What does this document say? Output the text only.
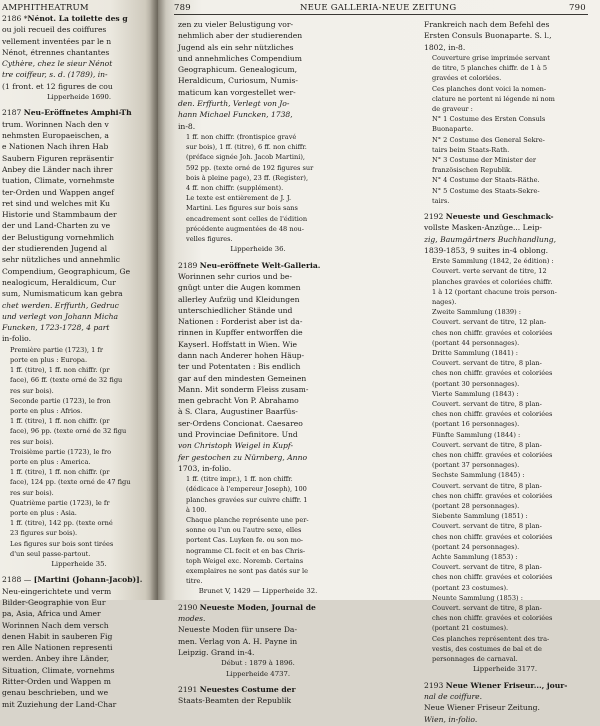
AMPHITHEATRUM

2186 *Nénot. La toilette des g

ou joli recueil des coiffures

vellement inventées par le n

Nénot, étrennes chantantes

Cythère, chez le sieur Nénot

tre coiffeur, s. d. (1789), in-

(1 front. et 12 figures de cou

Lipperheide 1690.

2187 Neu-Eröffnetes Amphi-Th

trum. Worinnen Nach den v

nehmsten Europaeischen, a

e Nationen Nach ihren Hab

Saubern Figuren repräsentir

Anbey die Länder nach ihrer

tuation, Climate, vornehmste

ter-Orden und Wappen angef

ret sind und welches mit Ku

Historie und Stammbaum der

der und Land-Charten zu ve

der Belustigung vornehmlich

der studierenden Jugend al

sehr nützliches und annehmlic

Compendium, Geographicum, Ge

nealogicum, Heraldicum, Cur

sum, Numismaticum kan gebra

chet werden. Erffurth, Gedruc

und verlegt von Johann Micha

Funcken, 1723-1728, 4 part

in-folio.

Première partie (1723), 1 fr

porte en plus : Europa.

1 ff. (titre), 1 ff. non chiffr. (pr

face), 66 ff. (texte orné de 32 figu

res sur bois).

Seconde partie (1723), le fron

porte en plus : Afrios.

1 ff. (titre), 1 ff. non chiffr. (pr

face), 96 pp. (texte orné de 32 figu

res sur bois).

Troisième partie (1723), le fro

porte en plus : America.

1 ff. (titre), 1 ff. non chiffr. (pr

face), 124 pp. (texte orné de 47 figu

res sur bois).

Quatrième partie (1723), le fr

porte en plus : Asia.

1 ff. (titre), 142 pp. (texte orné

23 figures sur bois).

Les figures sur bois sont tirées

d'un seul passe-partout.

Lipperheide 35.

2188 — [Martini (Johann-Jacob)].

Neu-eingerichtete und verm

Bilder-Geographie von Eur

pa, Asia, Africa und Amer

Worinnen Nach dem versch

denen Habit in sauberen Fig

ren Alle Nationen representi

werden. Anbey ihre Länder,

Situation, Climate, vornehms

Ritter-Orden und Wappen m

genau beschrieben, und we

mit Zuziehung der Land-Char

789	NEUE GALLERIA-NEUE ZEITUNG	790

zen zu vieler Belustigung vor-

nehmlich aber der studierenden

Jugend als ein sehr nützliches

und annehmliches Compendium

Geographicum. Genealogicum,

Heraldicum, Curiosum, Numis-

maticum kan vorgestellet wer-

den. Erffurth, Verlegt von Jo-

hann Michael Funcken, 1738,

in-8.

1 ff. non chiffr. (frontispice gravé

sur bois), 1 ff. (titre), 6 ff. non chiffr.

(préface signée Joh. Jacob Martini),

592 pp. (texte orné de 192 figures sur

bois à pleine page), 23 ff. (Register),

4 ff. non chiffr. (supplément).

Le texte est entièrement de J. J.

Martini. Les figures sur bois sans

encadrement sont celles de l'édition

précédente augmentées de 48 nou-

velles figures.

Lipperheide 36.

2189 Neu-eröffnete Welt-Galleria.

Worinnen sehr curios und be-

gnügt unter die Augen kommen

allerley Aufzüg und Kleidungen

unterschiedlicher Stände und

Nationen : Forderist aber ist da-

rinnen in Kupffer entworffen die

Kayserl. Hoffstatt in Wien. Wie

dann nach Anderer hohen Häup-

ter und Potentaten : Bis endlich

gar auf den mindesten Gemeinen

Mann. Mit sonderm Fleiss zusam-

men gebracht Von P. Abrahamo

à S. Clara, Augustiner Baarfüs-

ser-Ordens Concionat. Caesareo

und Provinciae Definitore. Und

von Christoph Weigel in Kupf-

fer gestochen zu Nürnberg, Anno

1703, in-folio.

1 ff. (titre impr.), 1 ff. non chiffr.

(dédicace à l'empereur Joseph), 100

planches gravées sur cuivre chiffr. 1

à 100.

Chaque planche représente une per-

sonne ou l'un ou l'autre sexe, elles

portent Cas. Luyken fe. ou son mo-

nogramme CL fecit et en bas Chris-

toph Weigel exc. Noremb. Certains

exemplaires ne sont pas datés sur le

titre.

Brunet V, 1429 — Lipperheide 32.

2190 Neueste Moden, Journal de

modes.

Neueste Moden für unsere Da-

men. Verlag von A. H. Payne in

Leipzig. Grand in-4.

Début : 1879 à 1896.

Lipperheide 4737.

2191 Neuestes Costume der

Staats-Beamten der Republik

Frankreich nach dem Befehl des

Ersten Consuls Buonaparte. S. l.,

1802, in-8.

Couverture grise imprimée servant

de titre, 5 planches chiffr. de 1 à 5

gravées et coloriées.

Ces planches dont voici la nomen-

clature ne portent ni légende ni nom

de graveur :

N° 1 Costume des Ersten Consuls

Buonaparte.

N° 2 Costume des General Sekre-

tairs beim Staats-Rath.

N° 3 Costume der Minister der

französischen Republik.

N° 4 Costume der Staats-Räthe.

N° 5 Costume des Staats-Sekre-

tairs.

2192 Neueste und Geschmack-

vollste Masken-Anzüge... Leip-

zig, Baumgärtners Buchhandlung,

1839-1853, 9 suites in-4 oblong.

Erste Sammlung (1842, 2e édition) :

Couvert. verte servant de titre, 12

planches gravées et coloriées chiffr.

1 à 12 (portant chacune trois person-

nages).

Zweite Sammlung (1839) :

Couvert. servant de titre, 12 plan-

ches non chiffr. gravées et coloriées

(portant 44 personnages).

Dritte Sammlung (1841) :

Couvert. servant de titre, 8 plan-

ches non chiffr. gravées et coloriées

(portant 30 personnages).

Vierte Sammlung (1843) :

Couvert. servant de titre, 8 plan-

ches non chiffr. gravées et coloriées

(portant 16 personnages).

Fünfte Sammlung (1844) :

Couvert. servant de titre, 8 plan-

ches non chiffr. gravées et coloriées

(portant 37 personnages).

Sechste Sammlung (1845) :

Couvert. servant de titre, 8 plan-

ches non chiffr. gravées et coloriées

(portant 28 personnages).

Siebente Sammlung (1851) :

Couvert. servant de titre, 8 plan-

ches non chiffr. gravées et coloriées

(portant 24 personnages).

Achte Sammlung (1853) :

Couvert. servant de titre, 8 plan-

ches non chiffr. gravées et coloriées

(portant 23 costumes).

Neunte Sammlung (1853) :

Couvert. servant de titre, 8 plan-

ches non chiffr. gravées et coloriées

(portant 21 costumes).

Ces planches représentent des tra-

vestis, des costumes de bal et de

personnages de carnaval.

Lipperheide 3177.

2193 Neue Wiener Friseur..., jour-

nal de coiffure.

Neue Wiener Friseur Zeitung.

Wien, in-folio.
